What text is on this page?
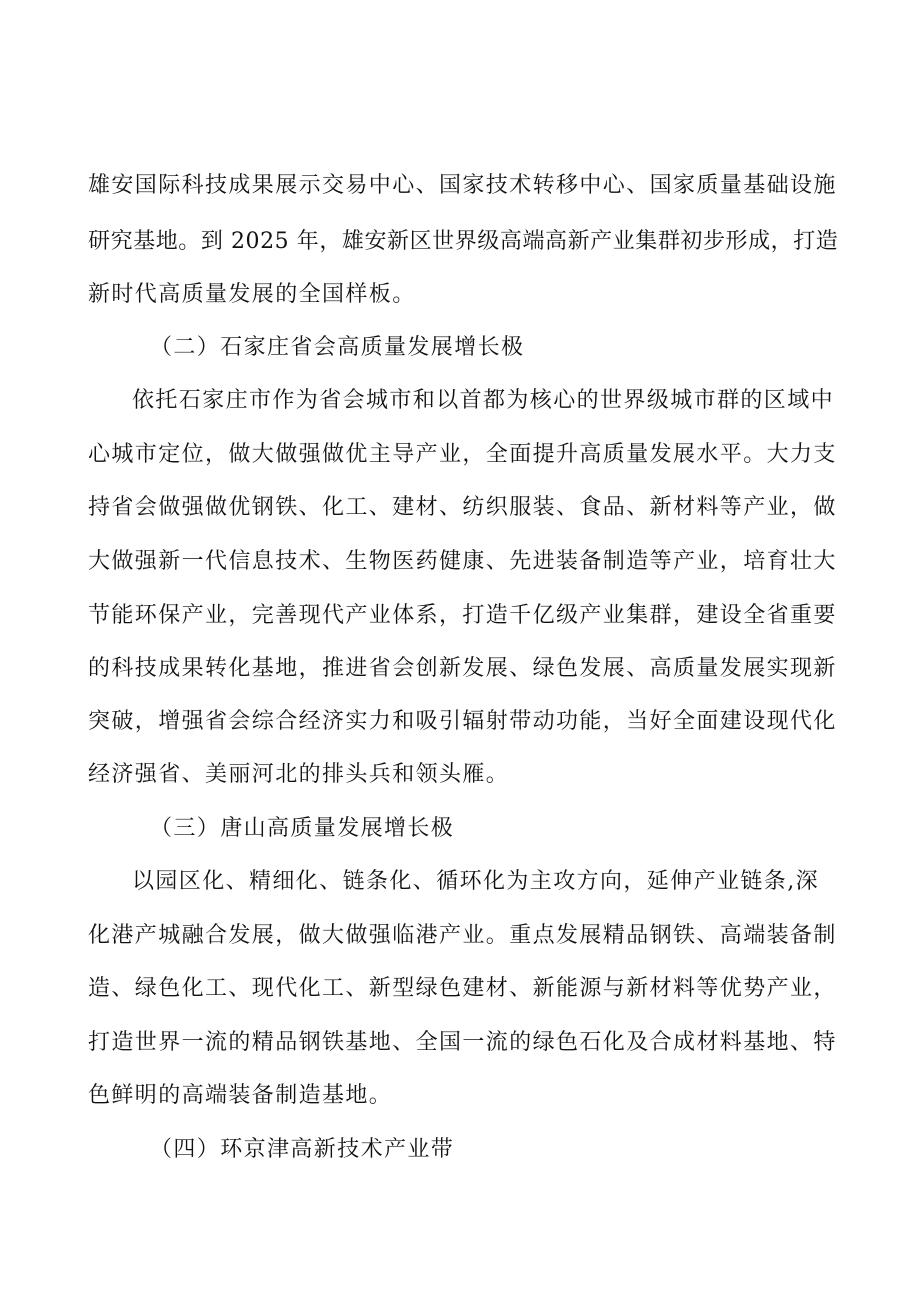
雄安国际科技成果展示交易中心、国家技术转移中心、国家质量基础设施
研究基地。到 2025 年，雄安新区世界级高端高新产业集群初步形成，打造
新时代高质量发展的全国样板。
（二）石家庄省会高质量发展增长极
依托石家庄市作为省会城市和以首都为核心的世界级城市群的区域中
心城市定位，做大做强做优主导产业，全面提升高质量发展水平。大力支
持省会做强做优钢铁、化工、建材、纺织服装、食品、新材料等产业，做
大做强新一代信息技术、生物医药健康、先进装备制造等产业，培育壮大
节能环保产业，完善现代产业体系，打造千亿级产业集群，建设全省重要
的科技成果转化基地，推进省会创新发展、绿色发展、高质量发展实现新
突破，增强省会综合经济实力和吸引辐射带动功能，当好全面建设现代化
经济强省、美丽河北的排头兵和领头雁。
（三）唐山高质量发展增长极
以园区化、精细化、链条化、循环化为主攻方向，延伸产业链条,深
化港产城融合发展，做大做强临港产业。重点发展精品钢铁、高端装备制
造、绿色化工、现代化工、新型绿色建材、新能源与新材料等优势产业，
打造世界一流的精品钢铁基地、全国一流的绿色石化及合成材料基地、特
色鲜明的高端装备制造基地。
（四）环京津高新技术产业带
